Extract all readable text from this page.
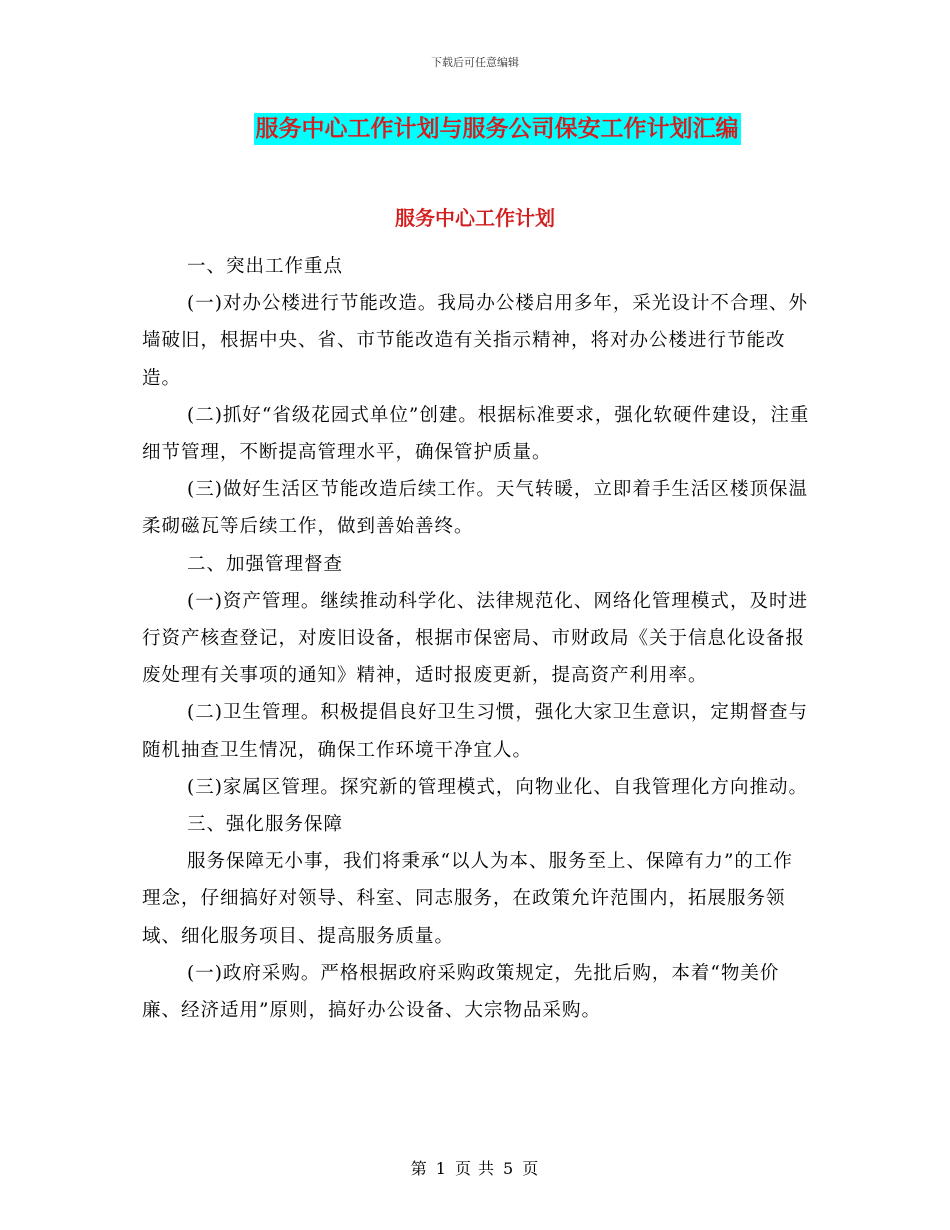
下载后可任意编辑
服务中心工作计划与服务公司保安工作计划汇编
服务中心工作计划

一、突出工作重点

(一)对办公楼进行节能改造。我局办公楼启用多年，采光设计不合理、外墙破旧，根据中央、省、市节能改造有关指示精神，将对办公楼进行节能改造。

(二)抓好“省级花园式单位”创建。根据标准要求，强化软硬件建设，注重细节管理，不断提高管理水平，确保管护质量。

(三)做好生活区节能改造后续工作。天气转暖，立即着手生活区楼顶保温柔砌磁瓦等后续工作，做到善始善终。

二、加强管理督查

(一)资产管理。继续推动科学化、法律规范化、网络化管理模式，及时进行资产核查登记，对废旧设备，根据市保密局、市财政局《关于信息化设备报废处理有关事项的通知》精神，适时报废更新，提高资产利用率。

(二)卫生管理。积极提倡良好卫生习惯，强化大家卫生意识，定期督查与随机抽查卫生情况，确保工作环境干净宜人。

(三)家属区管理。探究新的管理模式，向物业化、自我管理化方向推动。

三、强化服务保障

服务保障无小事，我们将秉承“以人为本、服务至上、保障有力”的工作理念，仔细搞好对领导、科室、同志服务，在政策允许范围内，拓展服务领域、细化服务项目、提高服务质量。

(一)政府采购。严格根据政府采购政策规定，先批后购，本着“物美价廉、经济适用”原则，搞好办公设备、大宗物品采购。

第 1 页 共 5 页
